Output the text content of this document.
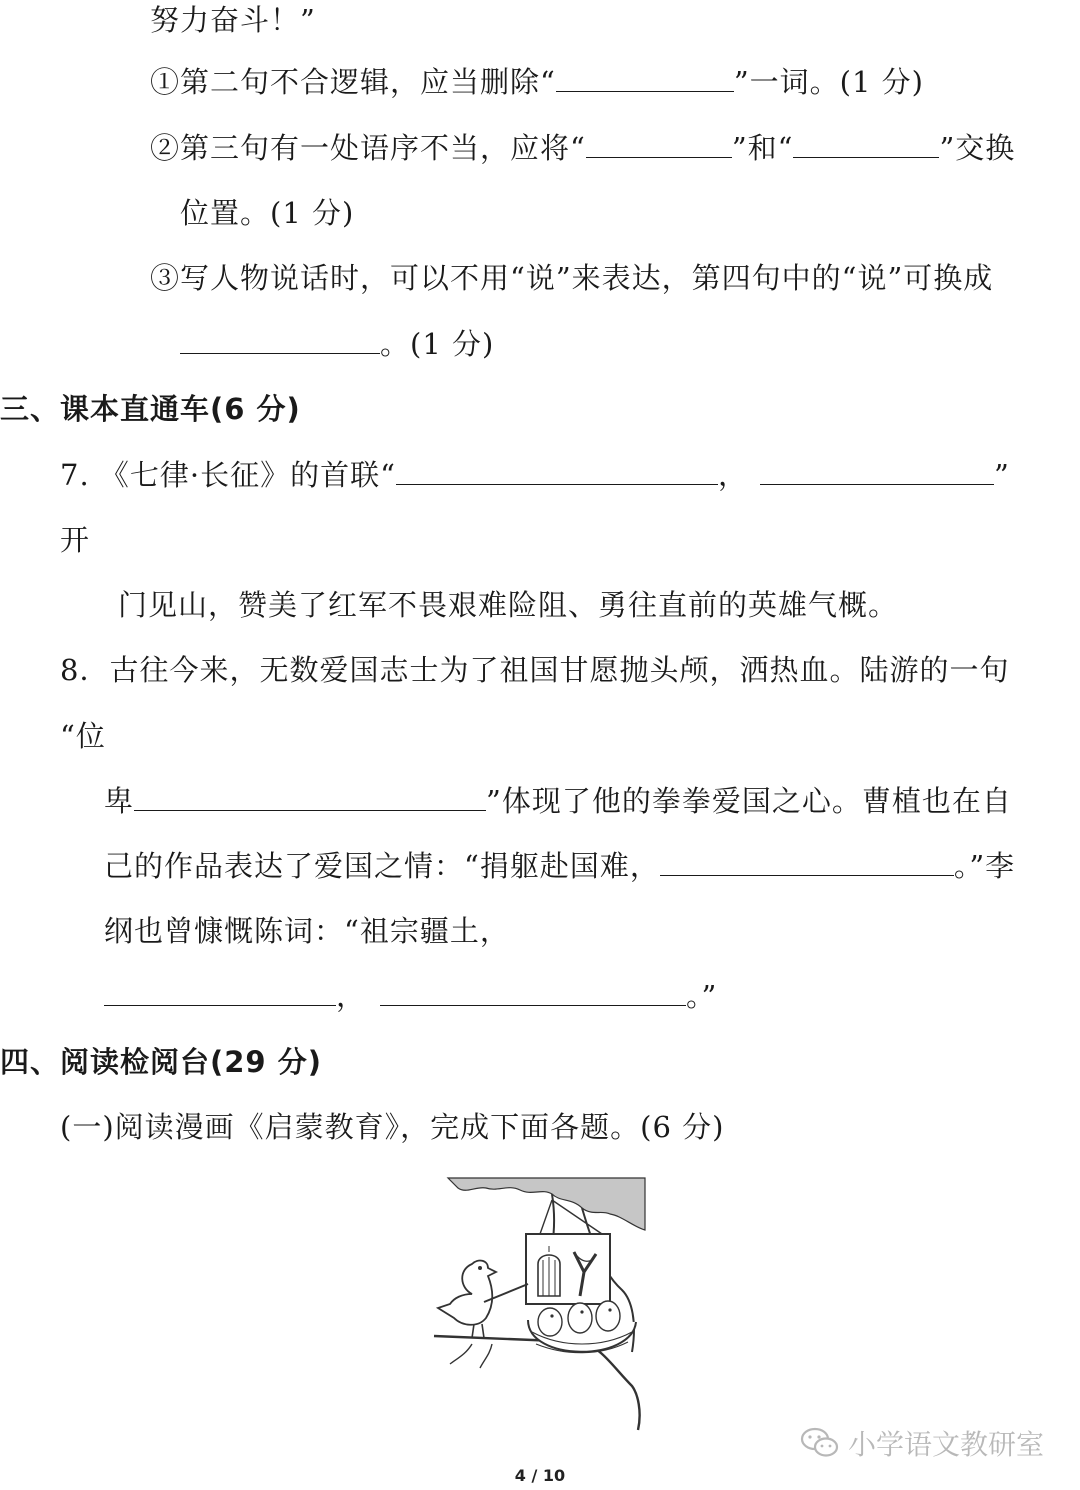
努力奋斗！”
①第二句不合逻辑，应当删除“	”一词。(1 分)
②第三句有一处语序不当，应将“	”和“	”交换
位置。(1 分)
③写人物说话时，可以不用“说”来表达，第四句中的“说”可换成
。(1 分)
三、课本直通车(6 分)
7. 《七律·长征》的首联“	，	”
开
门见山，赞美了红军不畏艰难险阻、勇往直前的英雄气概。
8．古往今来，无数爱国志士为了祖国甘愿抛头颅，洒热血。陆游的一句
“位
卑	”体现了他的拳拳爱国之心。曹植也在自
己的作品表达了爱国之情：“捐躯赴国难，	。”李
纲也曾慷慨陈词：“祖宗疆土，
，	。”
四、阅读检阅台(29 分)
(一)阅读漫画《启蒙教育》，完成下面各题。(6 分)
小学语文教研室
4 / 10
